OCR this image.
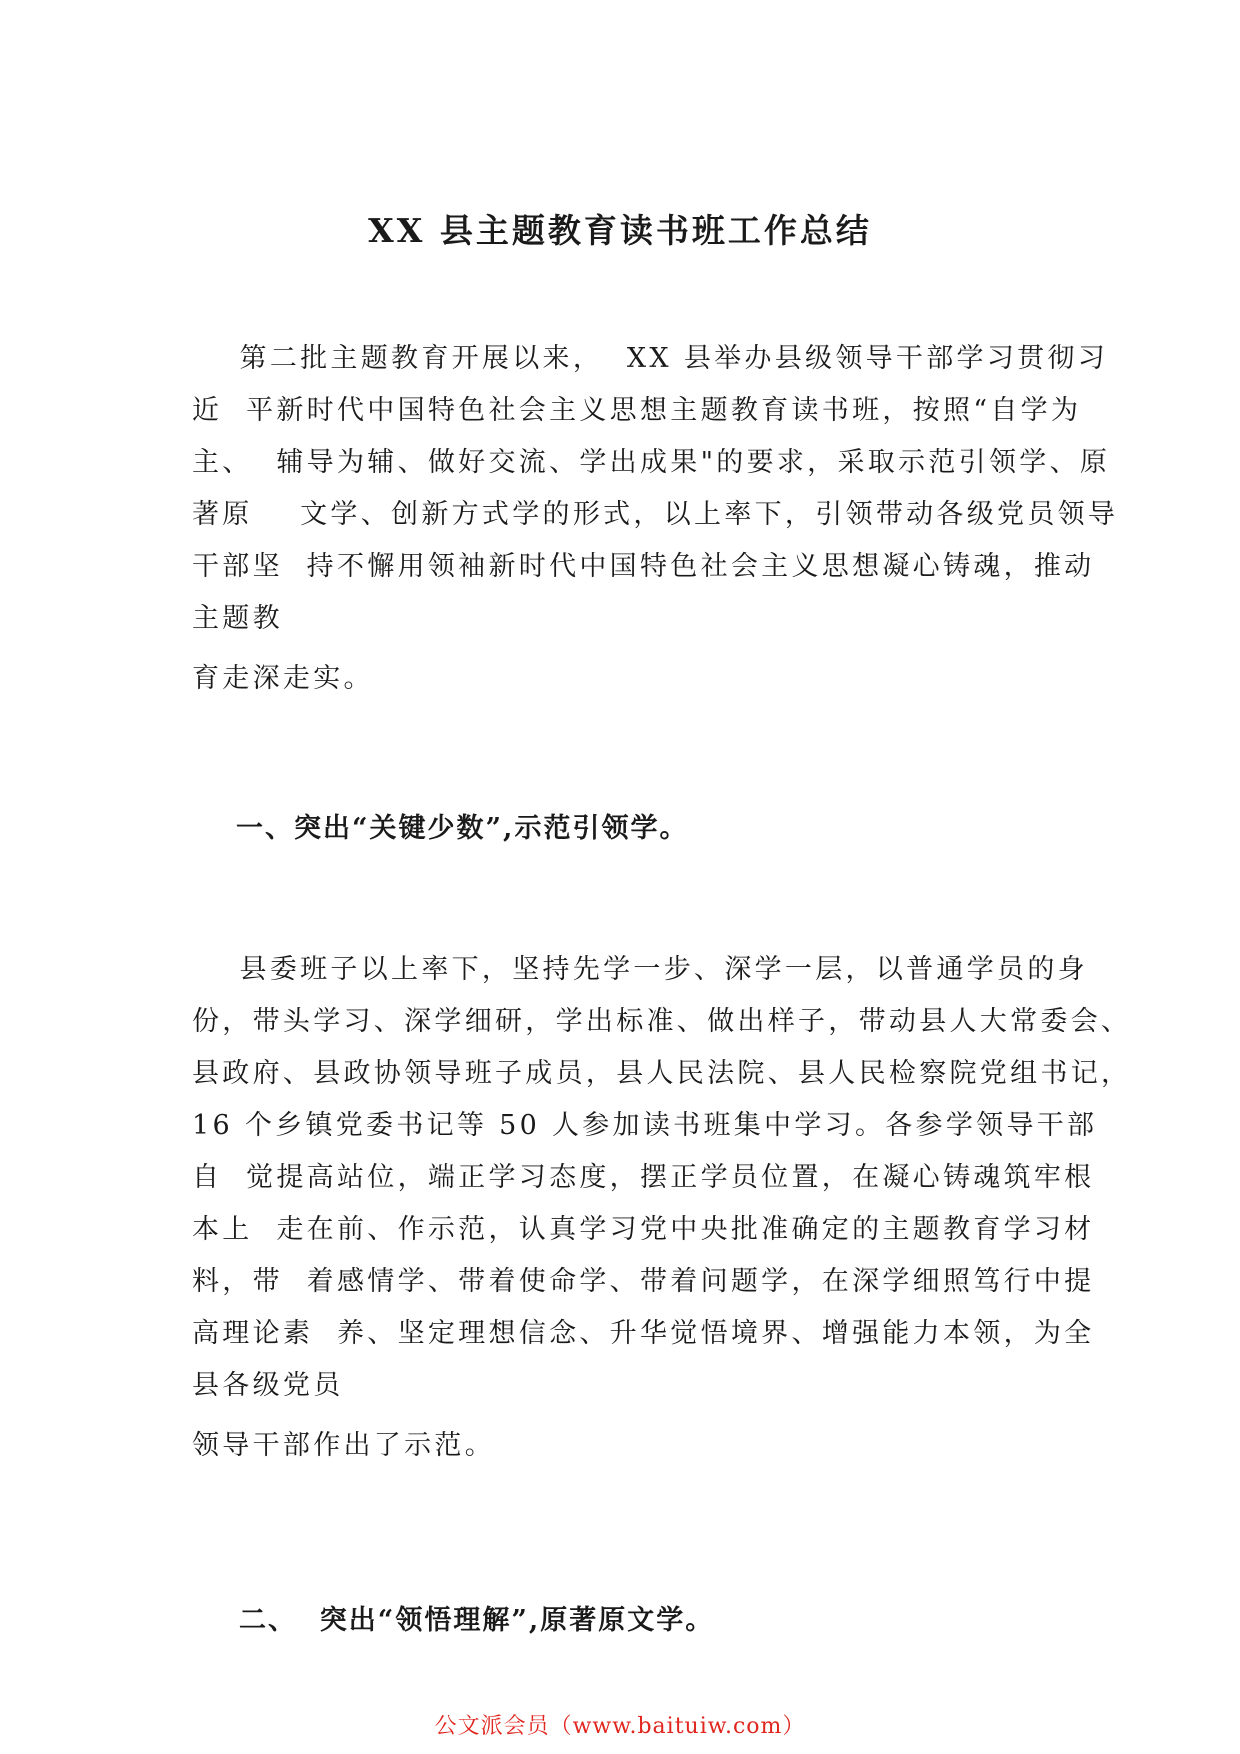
XX 县主题教育读书班工作总结

第二批主题教育开展以来，  XX 县举办县级领导干部学习贯彻习

近  平新时代中国特色社会主义思想主题教育读书班，按照“自学为

主、  辅导为辅、做好交流、学出成果"的要求，采取示范引领学、原

著原    文学、创新方式学的形式，以上率下，引领带动各级党员领导

干部坚  持不懈用领袖新时代中国特色社会主义思想凝心铸魂，推动

主题教

育走深走实。

一、突出“关键少数”,示范引领学。

县委班子以上率下，坚持先学一步、深学一层，以普通学员的身

份，带头学习、深学细研，学出标准、做出样子，带动县人大常委会、

县政府、县政协领导班子成员，县人民法院、县人民检察院党组书记，

16 个乡镇党委书记等 50 人参加读书班集中学习。各参学领导干部

自  觉提高站位，端正学习态度，摆正学员位置，在凝心铸魂筑牢根

本上  走在前、作示范，认真学习党中央批准确定的主题教育学习材

料，带  着感情学、带着使命学、带着问题学，在深学细照笃行中提

高理论素  养、坚定理想信念、升华觉悟境界、增强能力本领，为全

县各级党员

领导干部作出了示范。

二、  突出“领悟理解”,原著原文学。
公文派会员（www.baituiw.com）
